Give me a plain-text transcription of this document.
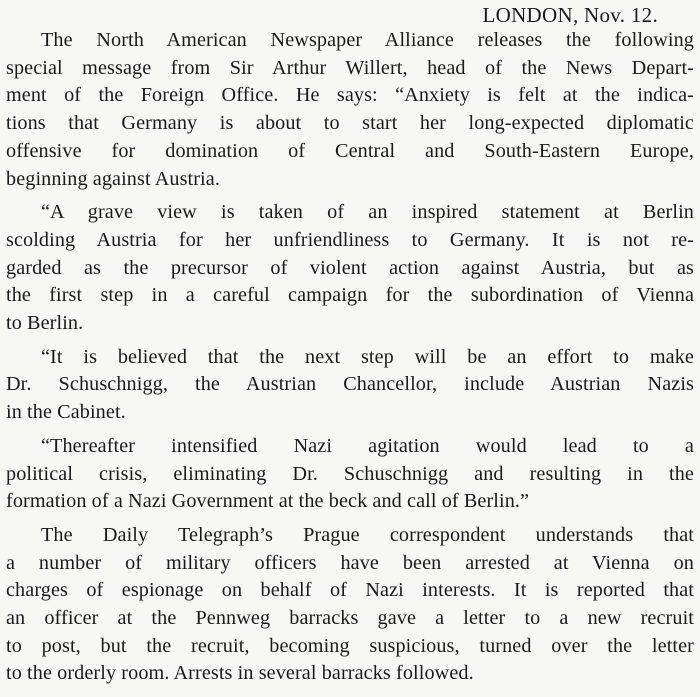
LONDON, Nov. 12.
The North American Newspaper Alliance releases the following
special message from Sir Arthur Willert, head of the News Depart-
ment of the Foreign Office. He says: “Anxiety is felt at the indica-
tions that Germany is about to start her long-expected diplomatic
offensive for domination of Central and South-Eastern Europe,
beginning against Austria.
“A grave view is taken of an inspired statement at Berlin
scolding Austria for her unfriendliness to Germany. It is not re-
garded as the precursor of violent action against Austria, but as
the first step in a careful campaign for the subordination of Vienna
to Berlin.
“It is believed that the next step will be an effort to make
Dr. Schuschnigg, the Austrian Chancellor, include Austrian Nazis
in the Cabinet.
“Thereafter intensified Nazi agitation would lead to a
political crisis, eliminating Dr. Schuschnigg and resulting in the
formation of a Nazi Government at the beck and call of Berlin.”
The Daily Telegraph’s Prague correspondent understands that
a number of military officers have been arrested at Vienna on
charges of espionage on behalf of Nazi interests. It is reported that
an officer at the Pennweg barracks gave a letter to a new recruit
to post, but the recruit, becoming suspicious, turned over the letter
to the orderly room. Arrests in several barracks followed.
